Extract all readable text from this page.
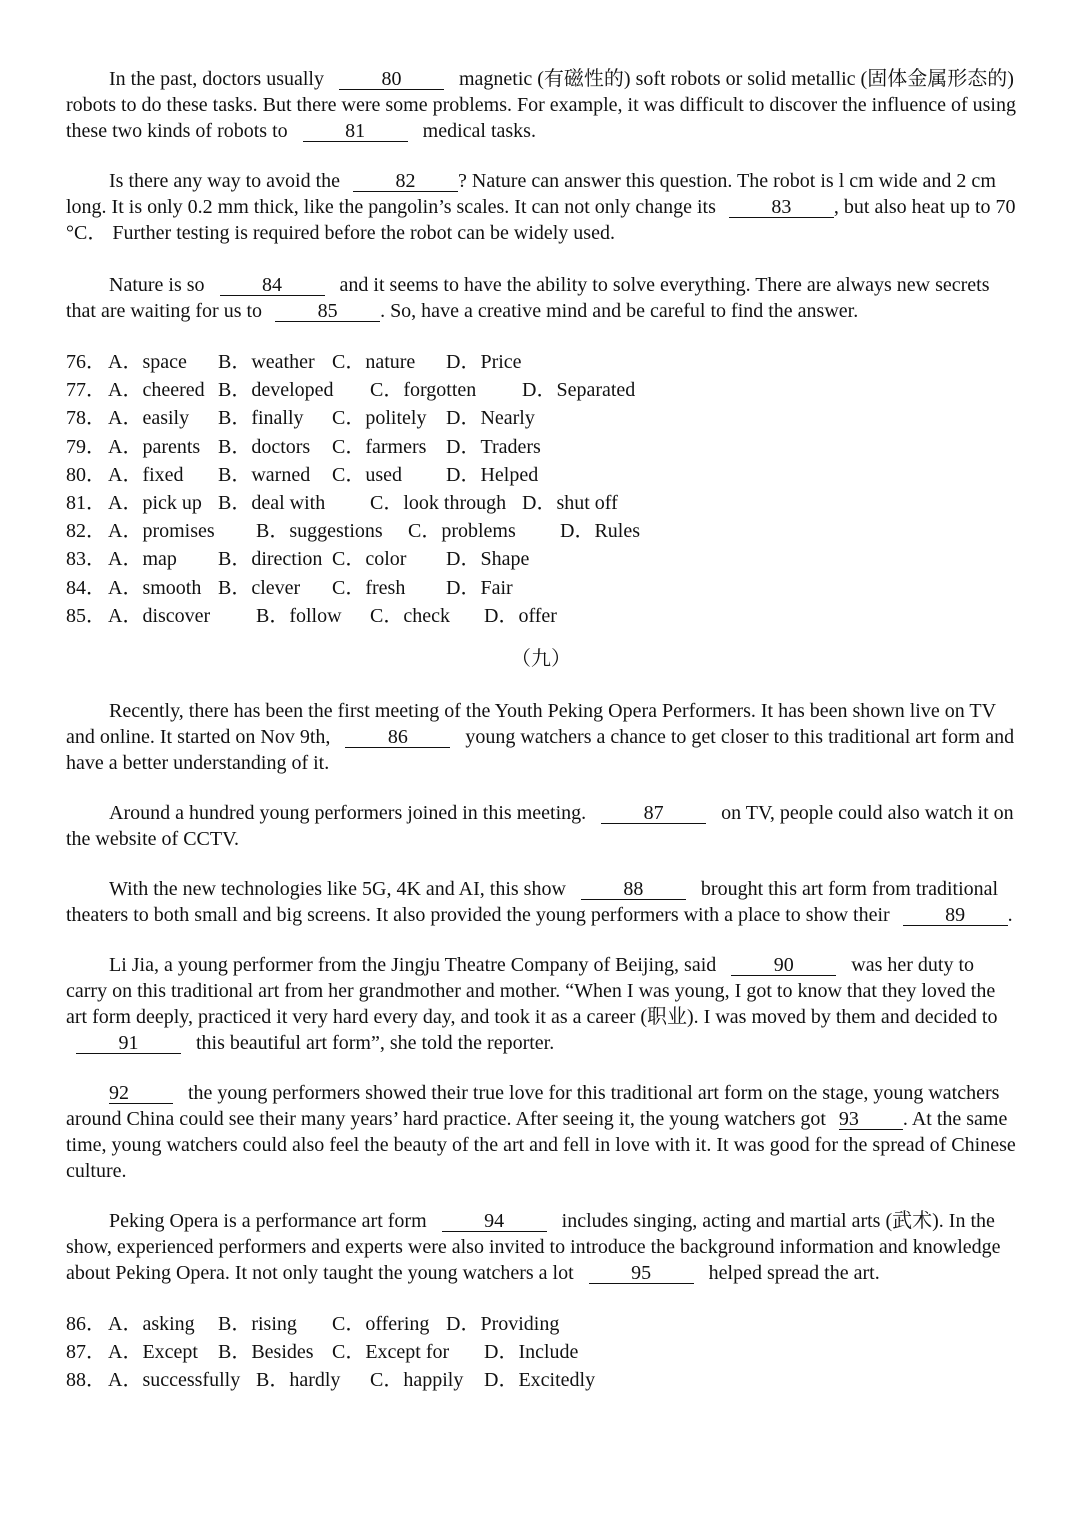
In the past, doctors usually	80	magnetic (有磁性的) soft robots or solid metallic (固体金属形态的) robots to do these tasks. But there were some problems. For example, it was difficult to discover the influence of using these two kinds of robots to	81	medical tasks.

Is there any way to avoid the	82 ? Nature can answer this question. The robot is l cm wide and 2 cm long. It is only 0.2 mm thick, like the pangolin’s scales. It can not only change its	83 , but also heat up to 70 °C． Further testing is required before the robot can be widely used.

Nature is so	84	and it seems to have the ability to solve everything. There are always new secrets that are waiting for us to	85 . So, have a creative mind and be careful to find the answer.

76． A．space B．weather C．nature D．Price
77． A．cheered B．developed C．forgotten D．Separated
78． A．easily B．finally C．politely D．Nearly
79． A．parents B．doctors C．farmers D．Traders
80． A．fixed B．warned C．used D．Helped
81． A．pick up B．deal with C．look through D．shut off
82． A．promises B．suggestions C．problems D．Rules
83． A．map B．direction C．color D．Shape
84． A．smooth B．clever C．fresh D．Fair
85． A．discover B．follow C．check D．offer

（九）

Recently, there has been the first meeting of the Youth Peking Opera Performers. It has been shown live on TV and online. It started on Nov 9th,	86	young watchers a chance to get closer to this traditional art form and have a better understanding of it.

Around a hundred young performers joined in this meeting.	87	on TV, people could also watch it on the website of CCTV.

With the new technologies like 5G, 4K and AI, this show	88	brought this art form from traditional theaters to both small and big screens. It also provided the young performers with a place to show their	89 .

Li Jia, a young performer from the Jingju Theatre Company of Beijing, said	90	was her duty to carry on this traditional art from her grandmother and mother. “When I was young, I got to know that they loved the art form deeply, practiced it very hard every day, and took it as a career (职业). I was moved by them and decided to 91	this beautiful art form”, she told the reporter.

92	the young performers showed their true love for this traditional art form on the stage, young watchers around China could see their many years’ hard practice. After seeing it, the young watchers got 93 . At the same time, young watchers could also feel the beauty of the art and fell in love with it. It was good for the spread of Chinese culture.

Peking Opera is a performance art form	94	includes singing, acting and martial arts (武术). In the show, experienced performers and experts were also invited to introduce the background information and knowledge about Peking Opera. It not only taught the young watchers a lot	95	helped spread the art.

86． A．asking B．rising C．offering D．Providing
87． A．Except B．Besides C．Except for D．Include
88． A．successfully B．hardly C．happily D．Excitedly
